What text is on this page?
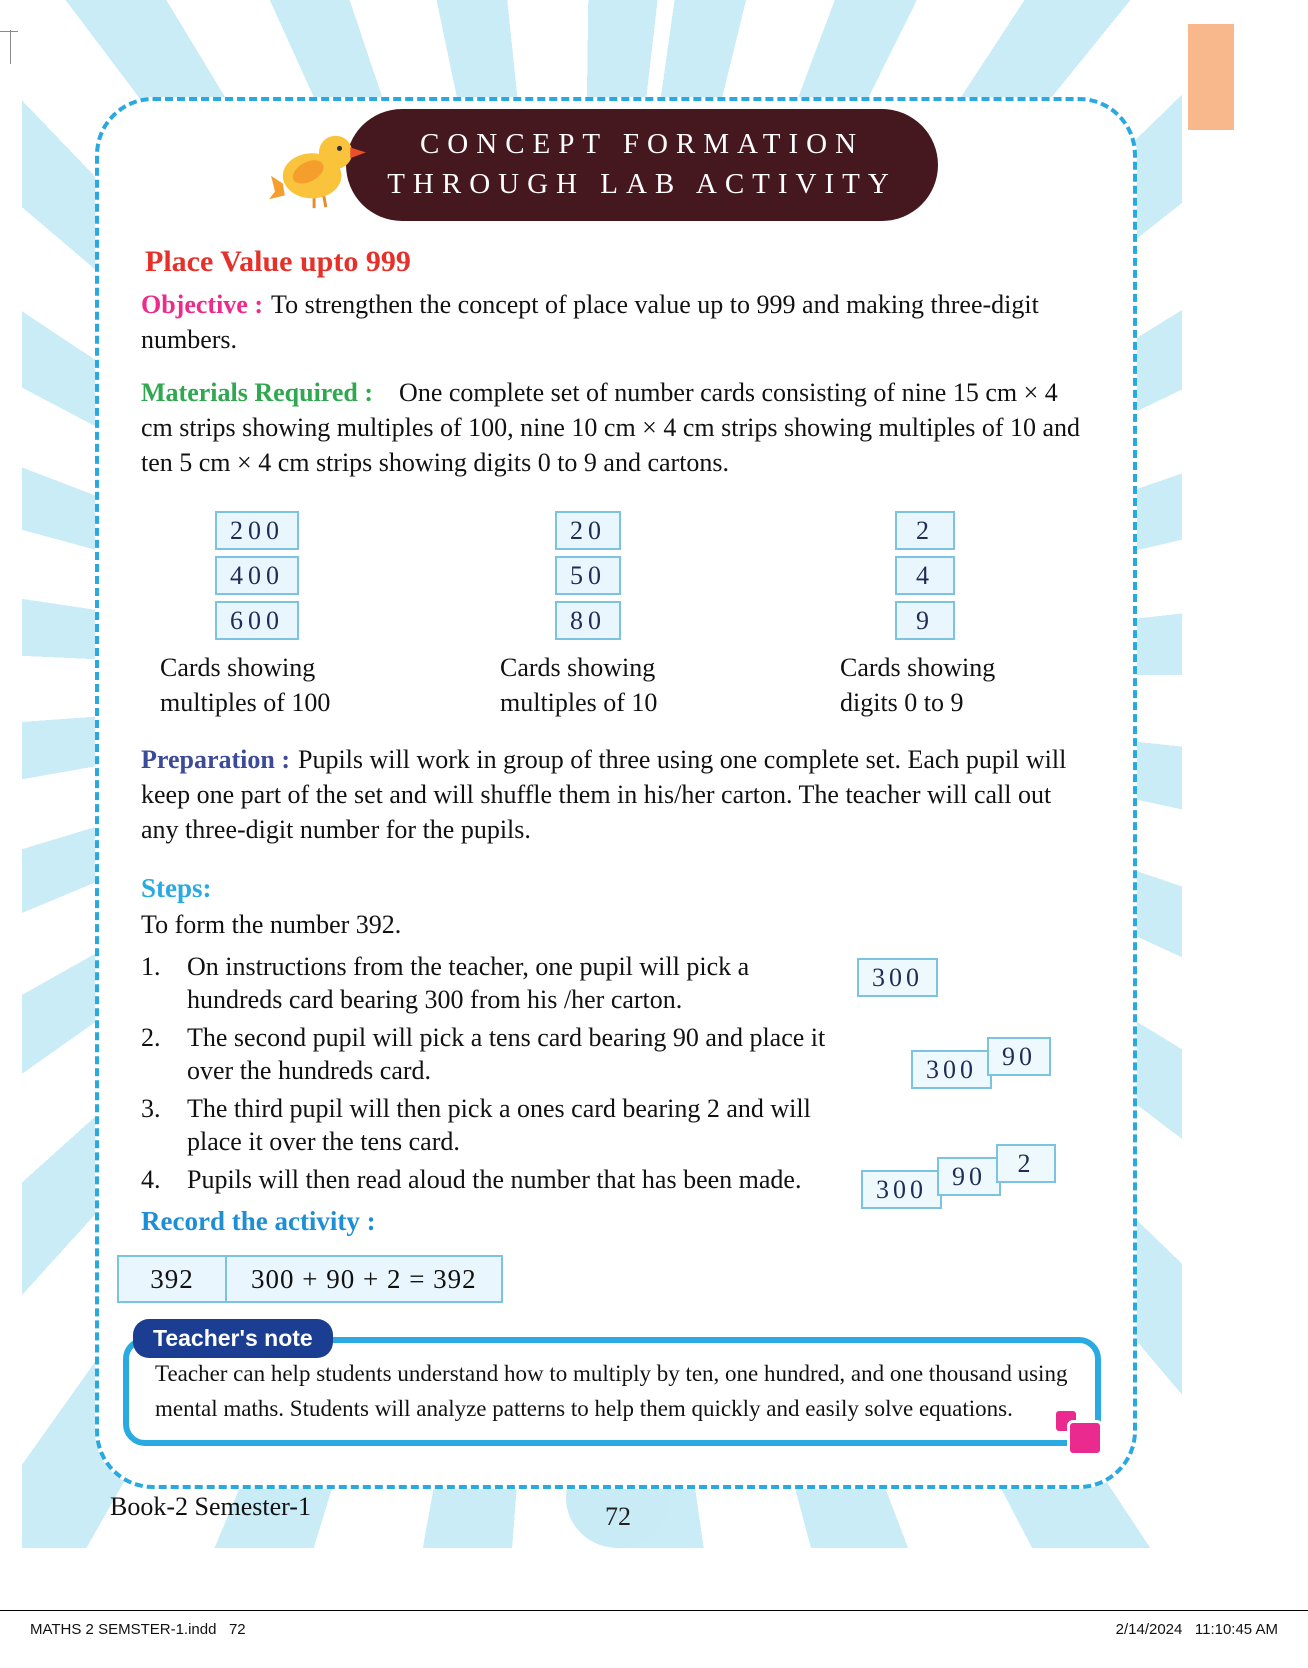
CONCEPT FORMATION
THROUGH LAB ACTIVITY
Place Value upto 999

Objective : To strengthen the concept of place value up to 999 and making three-digit numbers.

Materials Required : One complete set of number cards consisting of nine 15 cm × 4 cm strips showing multiples of 100, nine 10 cm × 4 cm strips showing multiples of 10 and ten 5 cm × 4 cm strips showing digits 0 to 9 and cartons.

200
400
600
Cards showing
multiples of 100
20
50
80
Cards showing
multiples of 10
2
4
9
Cards showing
digits 0 to 9

Preparation : Pupils will work in group of three using one complete set. Each pupil will keep one part of the set and will shuffle them in his/her carton. The teacher will call out any three-digit number for the pupils.

Steps:
To form the number 392.
1.	On instructions from the teacher, one pupil will pick a hundreds card bearing 300 from his /her carton.
2.	The second pupil will pick a tens card bearing 90 and place it over the hundreds card.
3.	The third pupil will then pick a ones card bearing 2 and will place it over the tens card.
4.	Pupils will then read aloud the number that has been made.
300
300 90
300 90 2
Record the activity :
392	300 + 90 + 2 = 392
Teacher's note
Teacher can help students understand how to multiply by ten, one hundred, and one thousand using mental maths. Students will analyze patterns to help them quickly and easily solve equations.
Book-2 Semester-1	72
MATHS 2 SEMSTER-1.indd   72	2/14/2024   11:10:45 AM
